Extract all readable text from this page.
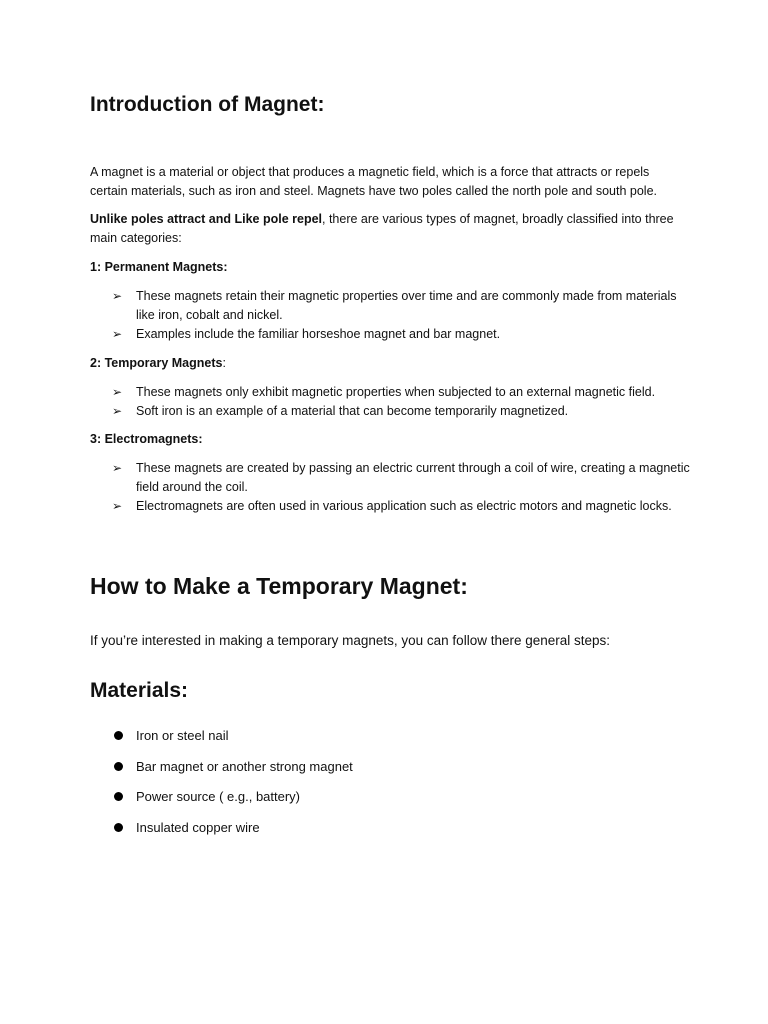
Introduction of Magnet:

A magnet is a material or object that produces a magnetic field, which is a force that attracts or repels certain materials, such as iron and steel. Magnets have two poles called the north pole and south pole.

Unlike poles attract and Like pole repel, there are various types of magnet, broadly classified into three main categories:

1: Permanent Magnets:
➢ These magnets retain their magnetic properties over time and are commonly made from materials like iron, cobalt and nickel.
➢ Examples include the familiar horseshoe magnet and bar magnet.
2: Temporary Magnets:
➢ These magnets only exhibit magnetic properties when subjected to an external magnetic field.
➢ Soft iron is an example of a material that can become temporarily magnetized.
3: Electromagnets:
➢ These magnets are created by passing an electric current through a coil of wire, creating a magnetic field around the coil.
➢ Electromagnets are often used in various application such as electric motors and magnetic locks.
How to Make a Temporary Magnet:

If you’re interested in making a temporary magnets, you can follow there general steps:

Materials:
Iron or steel nail
Bar magnet or another strong magnet
Power source ( e.g., battery)
Insulated copper wire
